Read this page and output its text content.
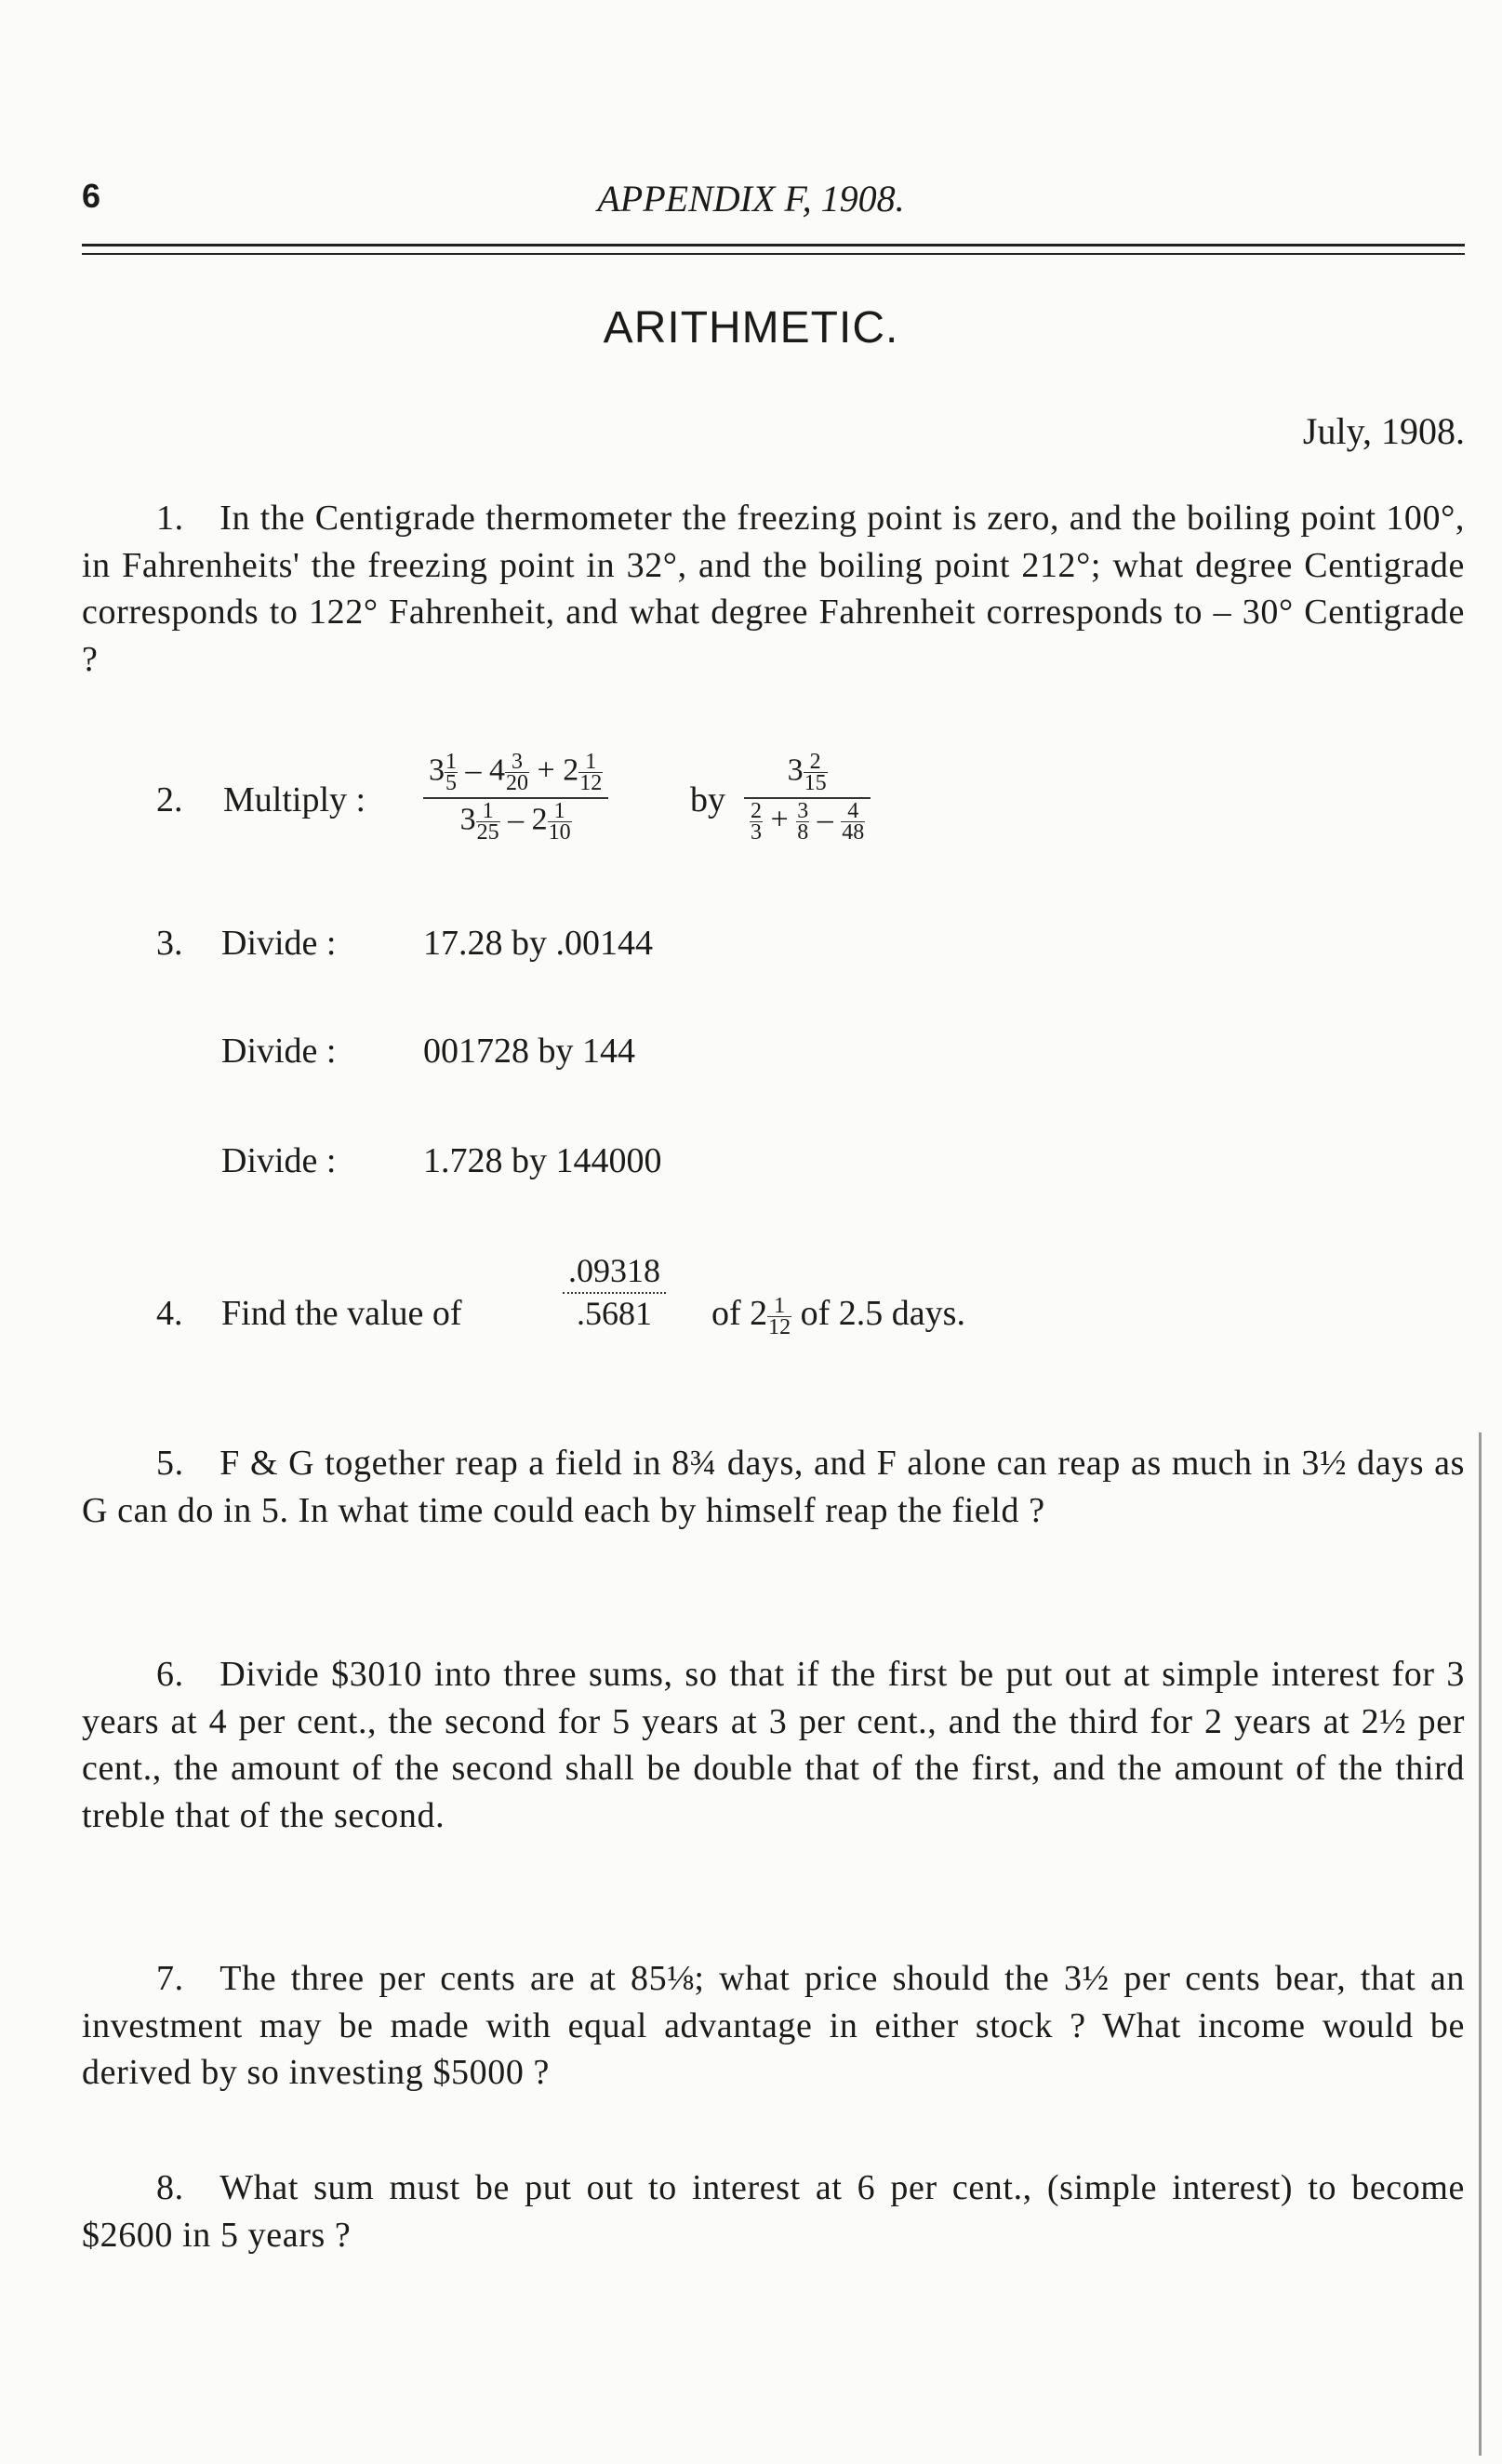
6	APPENDIX F, 1908.
ARITHMETIC.
July, 1908.
1. In the Centigrade thermometer the freezing point is zero, and the boiling point 100°, in Fahrenheits' the freezing point in 32°, and the boiling point 212°; what degree Centigrade corresponds to 122° Fahrenheit, and what degree Fahrenheit corresponds to – 30° Centigrade ?
2. Multiply : $\frac{3 \frac{1}{5} - 4 \frac{3}{20} + 2 \frac{1}{12}}{3 \frac{1}{25} - 2 \frac{1}{10}}$ by $\frac{3 \frac{2}{15}}{\frac{2}{3} + \frac{3}{8} - \frac{4}{48}}$
3. Divide : 17.28 by .00144
Divide : 001728 by 144
Divide : 1.728 by 144000
4. Find the value of	$\frac{.09318}{.5681}$ of $2 \frac{1}{12}$ of 2.5 days.
5. F & G together reap a field in 8¾ days, and F alone can reap as much in 3½ days as G can do in 5. In what time could each by himself reap the field ?
6. Divide $3010 into three sums, so that if the first be put out at simple interest for 3 years at 4 per cent., the second for 5 years at 3 per cent., and the third for 2 years at 2½ per cent., the amount of the second shall be double that of the first, and the amount of the third treble that of the second.
7. The three per cents are at 85⅛; what price should the 3½ per cents bear, that an investment may be made with equal advantage in either stock ? What income would be derived by so investing $5000 ?
8. What sum must be put out to interest at 6 per cent., (simple interest) to become $2600 in 5 years ?
